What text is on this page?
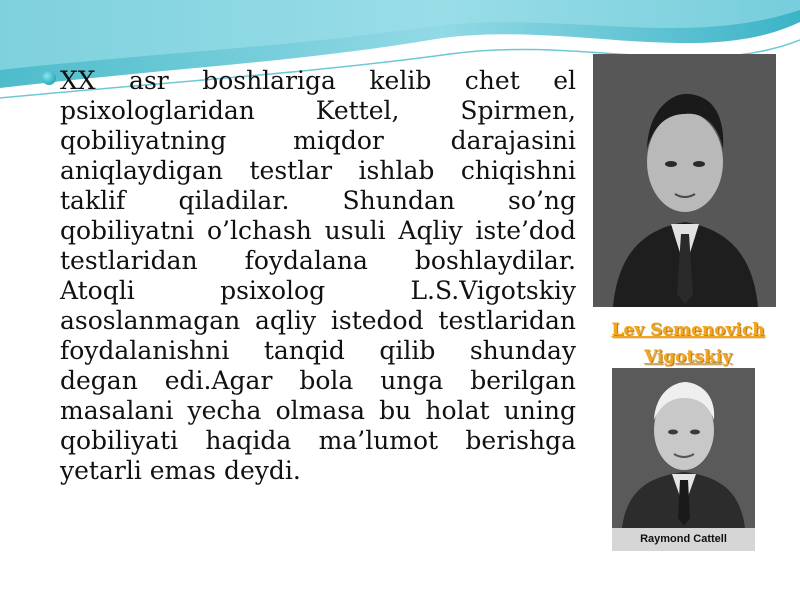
XX asr boshlariga kelib chet el psixologlaridan Kettel, Spirmen, qobiliyatning miqdor darajasini aniqlaydigan testlar ishlab chiqishni taklif qiladilar. Shundan so’ng qobiliyatni o’lchash usuli Aqliy iste’dod testlaridan foydalana boshlaydilar. Atoqli psixolog L.S.Vigotskiy asoslanmagan aqliy istedod testlaridan foydalanishni tanqid qilib shunday degan edi.Agar bola unga berilgan masalani yecha olmasa bu holat uning qobiliyati haqida ma’lumot berishga yetarli emas deydi.

Lev Semenovich Vigotskiy
Raymond Cattell
